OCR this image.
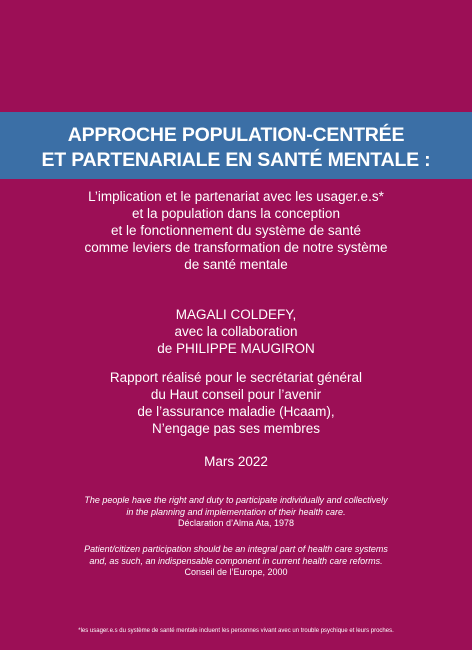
APPROCHE POPULATION-CENTRÉE
ET PARTENARIALE EN SANTÉ MENTALE :
L’implication et le partenariat avec les usager.e.s*
et la population dans la conception
et le fonctionnement du système de santé
comme leviers de transformation de notre système
de santé mentale
MAGALI COLDEFY,
avec la collaboration
de PHILIPPE MAUGIRON
Rapport réalisé pour le secrétariat général
du Haut conseil pour l’avenir
de l’assurance maladie (Hcaam),
N’engage pas ses membres
Mars 2022
The people have the right and duty to participate individually and collectively
in the planning and implementation of their health care.
Déclaration d’Alma Ata, 1978
Patient/citizen participation should be an integral part of health care systems
and, as such, an indispensable component in current health care reforms.
Conseil de l’Europe, 2000
*les usager.e.s du système de santé mentale incluent les personnes vivant avec un trouble psychique et leurs proches.
